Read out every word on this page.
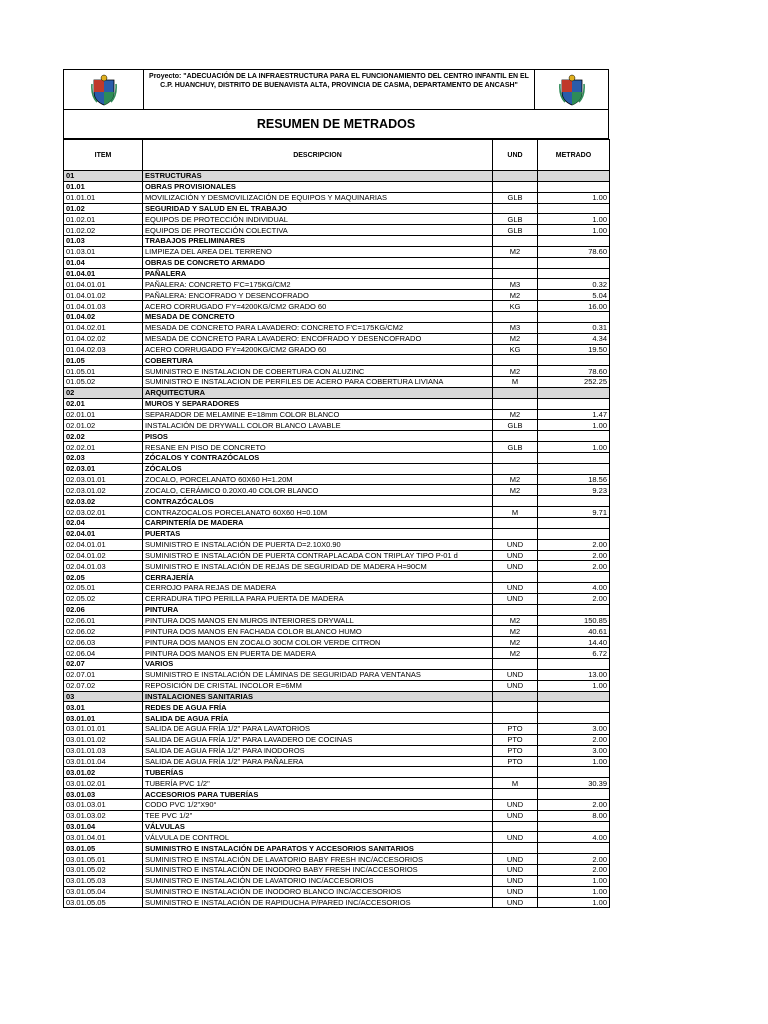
Proyecto: "ADECUACIÓN DE LA INFRAESTRUCTURA PARA EL FUNCIONAMIENTO DEL CENTRO INFANTIL EN EL C.P. HUANCHUY, DISTRITO DE BUENAVISTA ALTA, PROVINCIA DE CASMA, DEPARTAMENTO DE ANCASH"
RESUMEN DE METRADOS
ITEM	DESCRIPCION	UND	METRADO
01	ESTRUCTURAS		
01.01	OBRAS PROVISIONALES		
01.01.01	MOVILIZACIÓN Y DESMOVILIZACIÓN DE EQUIPOS Y MAQUINARIAS	GLB	1.00
01.02	SEGURIDAD Y SALUD EN EL TRABAJO		
01.02.01	EQUIPOS DE PROTECCIÓN INDIVIDUAL	GLB	1.00
01.02.02	EQUIPOS DE PROTECCIÓN COLECTIVA	GLB	1.00
01.03	TRABAJOS PRELIMINARES		
01.03.01	LIMPIEZA DEL AREA DEL TERRENO	M2	78.60
01.04	OBRAS DE CONCRETO ARMADO		
01.04.01	PAÑALERA		
01.04.01.01	PAÑALERA: CONCRETO F'C=175KG/CM2	M3	0.32
01.04.01.02	PAÑALERA: ENCOFRADO Y DESENCOFRADO	M2	5.04
01.04.01.03	ACERO CORRUGADO F'Y=4200KG/CM2 GRADO 60	KG	16.00
01.04.02	MESADA DE CONCRETO		
01.04.02.01	MESADA DE CONCRETO PARA LAVADERO: CONCRETO F'C=175KG/CM2	M3	0.31
01.04.02.02	MESADA DE CONCRETO PARA LAVADERO: ENCOFRADO Y DESENCOFRADO	M2	4.34
01.04.02.03	ACERO CORRUGADO F'Y=4200KG/CM2 GRADO 60	KG	19.50
01.05	COBERTURA		
01.05.01	SUMINISTRO E INSTALACION DE COBERTURA CON ALUZINC	M2	78.60
01.05.02	SUMINISTRO E INSTALACION DE PERFILES DE ACERO PARA COBERTURA LIVIANA	M	252.25
02	ARQUITECTURA		
02.01	MUROS Y SEPARADORES		
02.01.01	SEPARADOR DE MELAMINE E=18mm COLOR BLANCO	M2	1.47
02.01.02	INSTALACIÓN DE DRYWALL COLOR BLANCO LAVABLE	GLB	1.00
02.02	PISOS		
02.02.01	RESANE EN PISO DE CONCRETO	GLB	1.00
02.03	ZÓCALOS Y CONTRAZÓCALOS		
02.03.01	ZÓCALOS		
02.03.01.01	ZOCALO, PORCELANATO 60X60 H=1.20M	M2	18.56
02.03.01.02	ZOCALO, CERÁMICO 0.20X0.40 COLOR BLANCO	M2	9.23
02.03.02	CONTRAZÓCALOS		
02.03.02.01	CONTRAZOCALOS PORCELANATO 60X60 H=0.10M	M	9.71
02.04	CARPINTERÍA DE MADERA		
02.04.01	PUERTAS		
02.04.01.01	SUMINISTRO E INSTALACIÓN DE PUERTA D=2.10X0.90	UND	2.00
02.04.01.02	SUMINISTRO E INSTALACIÓN DE PUERTA CONTRAPLACADA CON TRIPLAY TIPO P-01 d	UND	2.00
02.04.01.03	SUMINISTRO E INSTALACIÓN DE REJAS DE SEGURIDAD DE MADERA H=90CM	UND	2.00
02.05	CERRAJERÍA		
02.05.01	CERROJO PARA REJAS DE MADERA	UND	4.00
02.05.02	CERRADURA TIPO PERILLA PARA PUERTA DE MADERA	UND	2.00
02.06	PINTURA		
02.06.01	PINTURA DOS MANOS EN MUROS INTERIORES DRYWALL	M2	150.85
02.06.02	PINTURA DOS MANOS EN FACHADA COLOR BLANCO HUMO	M2	40.61
02.06.03	PINTURA DOS MANOS EN ZOCALO 30CM COLOR VERDE CITRON	M2	14.40
02.06.04	PINTURA DOS MANOS EN PUERTA DE MADERA	M2	6.72
02.07	VARIOS		
02.07.01	SUMINISTRO E INSTALACIÓN DE LÁMINAS DE SEGURIDAD PARA VENTANAS	UND	13.00
02.07.02	REPOSICIÓN DE CRISTAL INCOLOR E=6MM	UND	1.00
03	INSTALACIONES SANITARIAS		
03.01	REDES DE AGUA FRÍA		
03.01.01	SALIDA DE AGUA FRÍA		
03.01.01.01	SALIDA DE AGUA FRÍA 1/2" PARA LAVATORIOS	PTO	3.00
03.01.01.02	SALIDA DE AGUA FRÍA 1/2" PARA LAVADERO DE COCINAS	PTO	2.00
03.01.01.03	SALIDA DE AGUA FRÍA 1/2" PARA INODOROS	PTO	3.00
03.01.01.04	SALIDA DE AGUA FRÍA 1/2" PARA PAÑALERA	PTO	1.00
03.01.02	TUBERÍAS		
03.01.02.01	TUBERÍA PVC 1/2"	M	30.39
03.01.03	ACCESORIOS PARA TUBERÍAS		
03.01.03.01	CODO PVC 1/2"X90°	UND	2.00
03.01.03.02	TEE PVC 1/2"	UND	8.00
03.01.04	VÁLVULAS		
03.01.04.01	VÁLVULA DE CONTROL	UND	4.00
03.01.05	SUMINISTRO E INSTALACIÓN DE APARATOS Y ACCESORIOS SANITARIOS		
03.01.05.01	SUMINISTRO E INSTALACIÓN DE LAVATORIO BABY FRESH INC/ACCESORIOS	UND	2.00
03.01.05.02	SUMINISTRO E INSTALACIÓN DE INODORO BABY FRESH INC/ACCESORIOS	UND	2.00
03.01.05.03	SUMINISTRO E INSTALACIÓN DE LAVATORIO INC/ACCESORIOS	UND	1.00
03.01.05.04	SUMINISTRO E INSTALACIÓN DE INODORO BLANCO INC/ACCESORIOS	UND	1.00
03.01.05.05	SUMINISTRO E INSTALACIÓN DE RAPIDUCHA P/PARED INC/ACCESORIOS	UND	1.00
